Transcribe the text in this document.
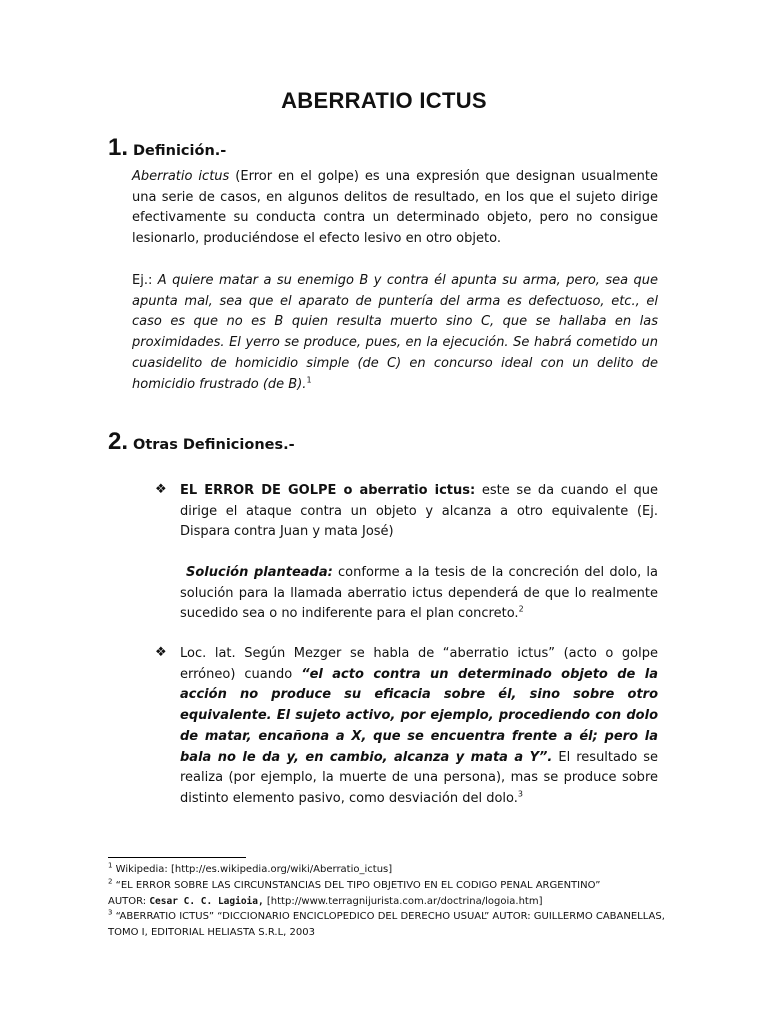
ABERRATIO ICTUS
1. Definición.-

Aberratio ictus (Error en el golpe) es una expresión que designan usualmente una serie de casos, en algunos delitos de resultado, en los que el sujeto dirige efectivamente su conducta contra un determinado objeto, pero no consigue lesionarlo, produciéndose el efecto lesivo en otro objeto.

Ej.: A quiere matar a su enemigo B y contra él apunta su arma, pero, sea que apunta mal, sea que el aparato de puntería del arma es defectuoso, etc., el caso es que no es B quien resulta muerto sino C, que se hallaba en las proximidades. El yerro se produce, pues, en la ejecución. Se habrá cometido un cuasidelito de homicidio simple (de C) en concurso ideal con un delito de homicidio frustrado (de B).$^1$

2. Otras Definiciones.-
❖ EL ERROR DE GOLPE o aberratio ictus: este se da cuando el que dirige el ataque contra un objeto y alcanza a otro equivalente (Ej. Dispara contra Juan y mata José)

Solución planteada: conforme a la tesis de la concreción del dolo, la solución para la llamada aberratio ictus dependerá de que lo realmente sucedido sea o no indiferente para el plan concreto.$^2$

❖ Loc. lat. Según Mezger se habla de “aberratio ictus” (acto o golpe erróneo) cuando “el acto contra un determinado objeto de la acción no produce su eficacia sobre él, sino sobre otro equivalente. El sujeto activo, por ejemplo, procediendo con dolo de matar, encañona a X, que se encuentra frente a él; pero la bala no le da y, en cambio, alcanza y mata a Y”. El resultado se realiza (por ejemplo, la muerte de una persona), mas se produce sobre distinto elemento pasivo, como desviación del dolo.$^3$

$^1$ Wikipedia: [http://es.wikipedia.org/wiki/Aberratio_ictus]
$^2$ “EL ERROR SOBRE LAS CIRCUNSTANCIAS DEL TIPO OBJETIVO EN EL CODIGO PENAL ARGENTINO”
AUTOR: Cesar C. C. Lagioia, [http://www.terragnijurista.com.ar/doctrina/logoia.htm]
$^3$ “ABERRATIO ICTUS” “DICCIONARIO ENCICLOPEDICO DEL DERECHO USUAL” AUTOR: GUILLERMO CABANELLAS, TOMO I, EDITORIAL HELIASTA S.R.L, 2003
